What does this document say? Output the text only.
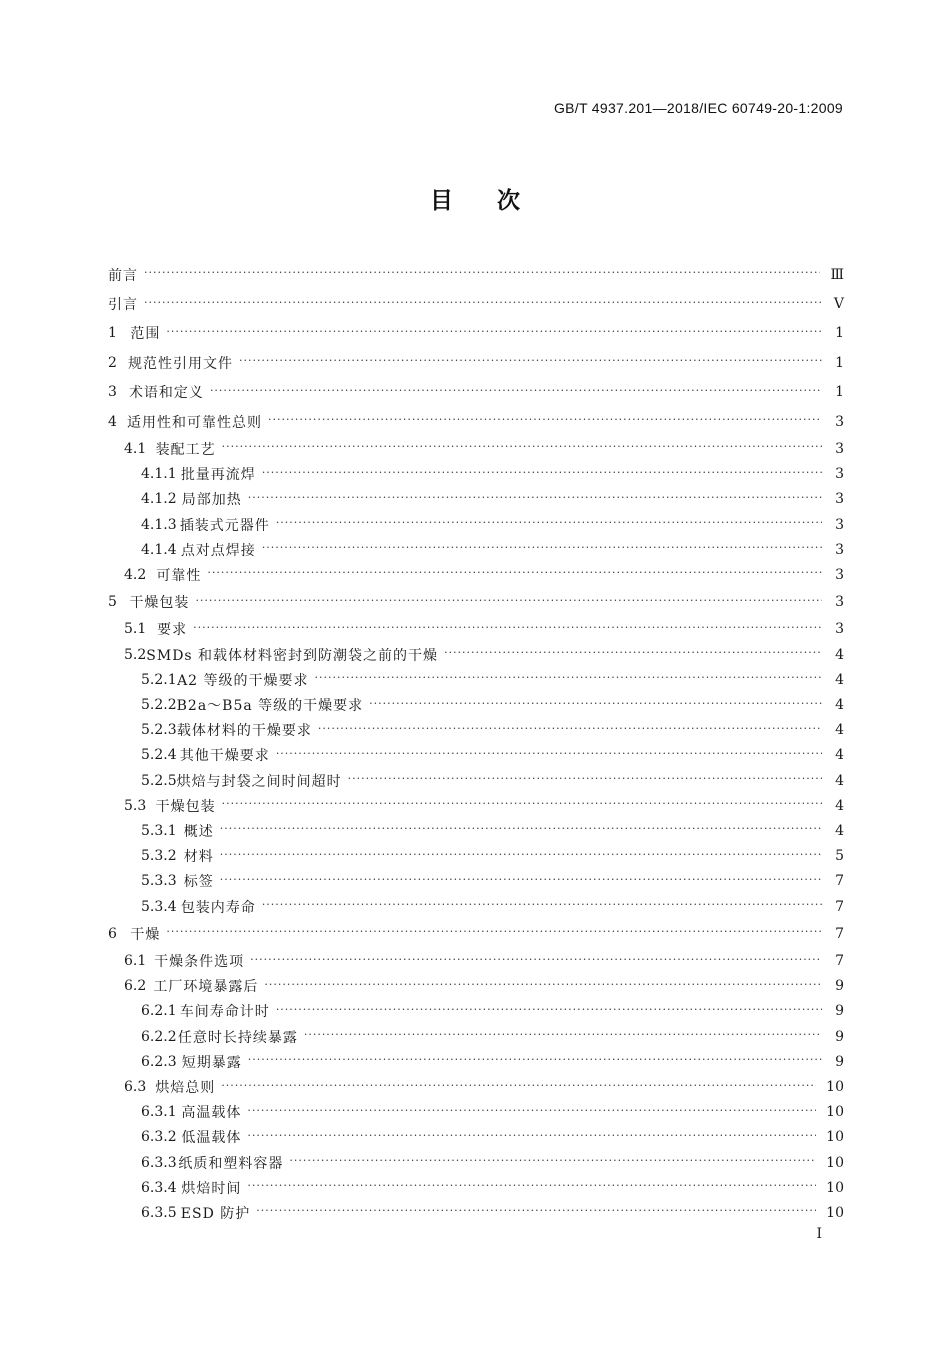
GB/T 4937.201—2018/IEC 60749-20-1:2009
目次
前言 ·····	Ⅲ
引言 ·····	Ⅴ
1 范围 ·····	1
2 规范性引用文件 ·····	1
3 术语和定义 ·····	1
4 适用性和可靠性总则 ·····	3
4.1 装配工艺 ·····	3
4.1.1 批量再流焊 ·····	3
4.1.2 局部加热 ·····	3
4.1.3 插装式元器件 ·····	3
4.1.4 点对点焊接 ·····	3
4.2 可靠性 ·····	3
5 干燥包装 ·····	3
5.1 要求 ·····	3
5.2 SMDs 和载体材料密封到防潮袋之前的干燥 ·····	4
5.2.1 A2 等级的干燥要求 ·····	4
5.2.2 B2a～B5a 等级的干燥要求 ·····	4
5.2.3 载体材料的干燥要求 ·····	4
5.2.4 其他干燥要求 ·····	4
5.2.5 烘焙与封袋之间时间超时 ·····	4
5.3 干燥包装 ·····	4
5.3.1 概述 ·····	4
5.3.2 材料 ·····	5
5.3.3 标签 ·····	7
5.3.4 包装内寿命 ·····	7
6 干燥 ·····	7
6.1 干燥条件选项 ·····	7
6.2 工厂环境暴露后 ·····	9
6.2.1 车间寿命计时 ·····	9
6.2.2 任意时长持续暴露 ·····	9
6.2.3 短期暴露 ·····	9
6.3 烘焙总则 ·····	10
6.3.1 高温载体 ·····	10
6.3.2 低温载体 ·····	10
6.3.3 纸质和塑料容器 ·····	10
6.3.4 烘焙时间 ·····	10
6.3.5 ESD 防护 ·····	10
I
